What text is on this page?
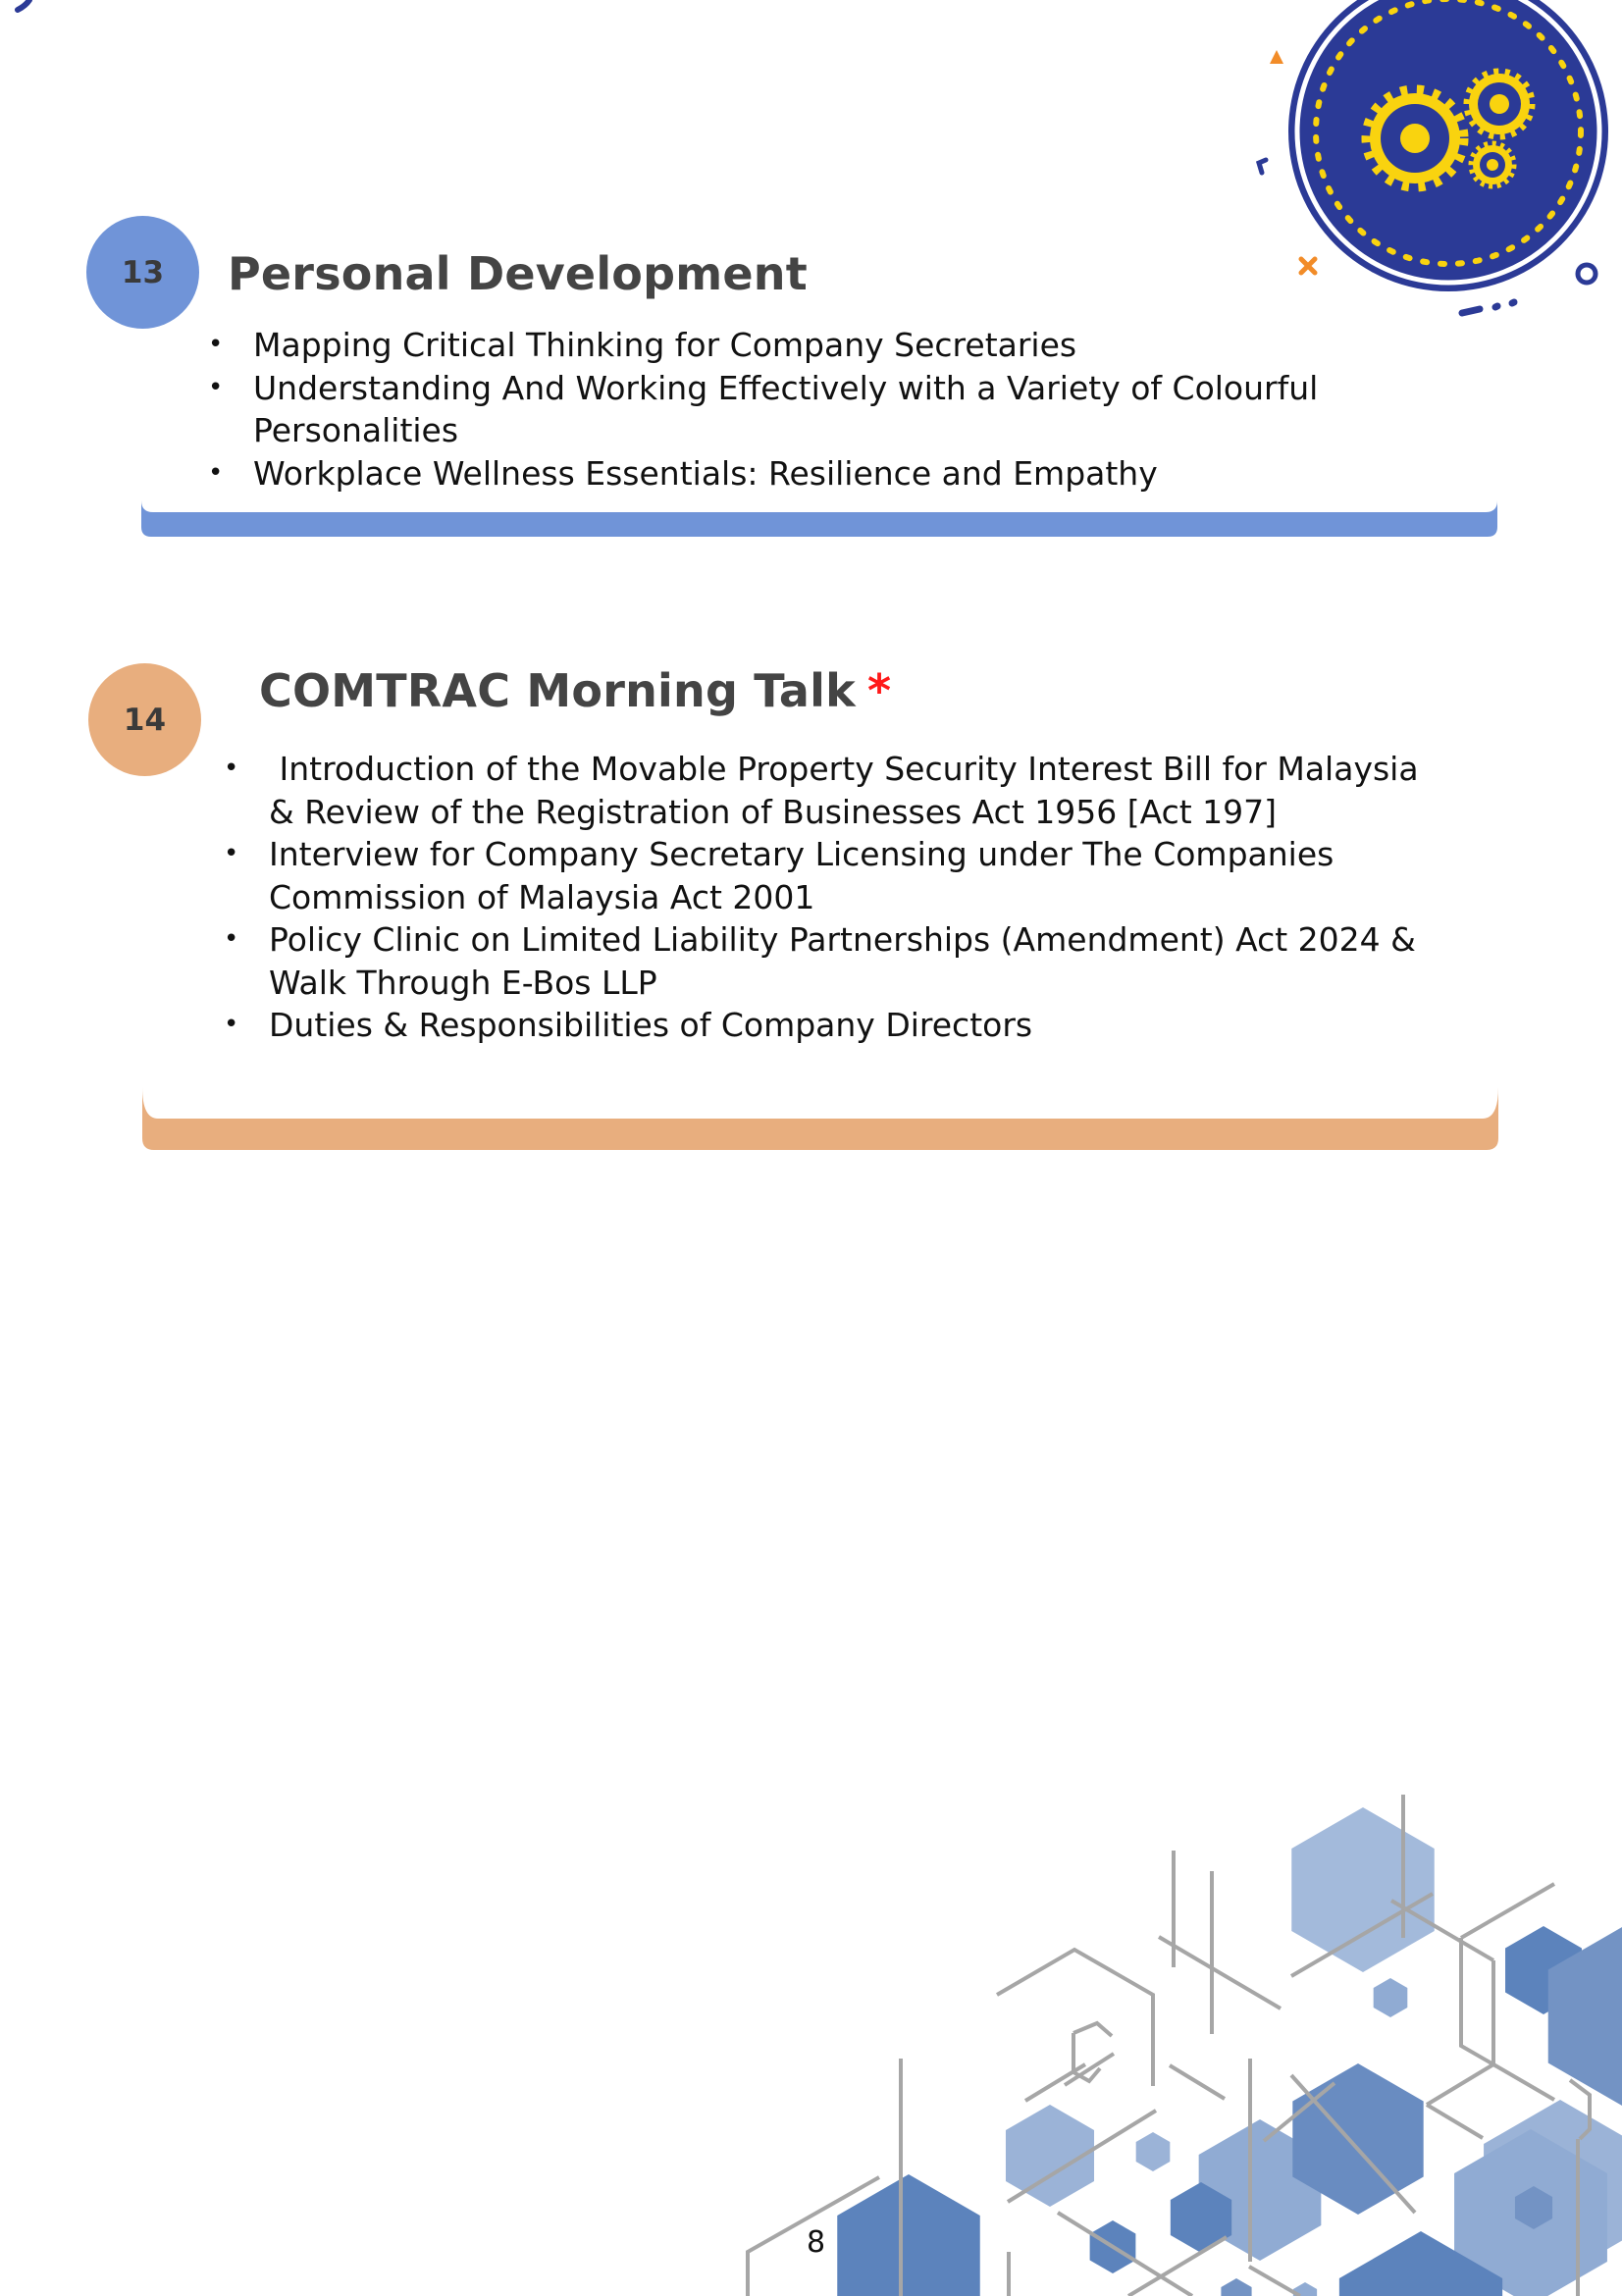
13 Personal Development
• Mapping Critical Thinking for Company Secretaries
• Understanding And Working Effectively with a Variety of Colourful
Personalities
• Workplace Wellness Essentials: Resilience and Empathy
14
COMTRAC Morning Talk *
• Introduction of the Movable Property Security Interest Bill for Malaysia
& Review of the Registration of Businesses Act 1956 [Act 197]
• Interview for Company Secretary Licensing under The Companies
Commission of Malaysia Act 2001
• Policy Clinic on Limited Liability Partnerships (Amendment) Act 2024 &
Walk Through E-Bos LLP
• Duties & Responsibilities of Company Directors
8
